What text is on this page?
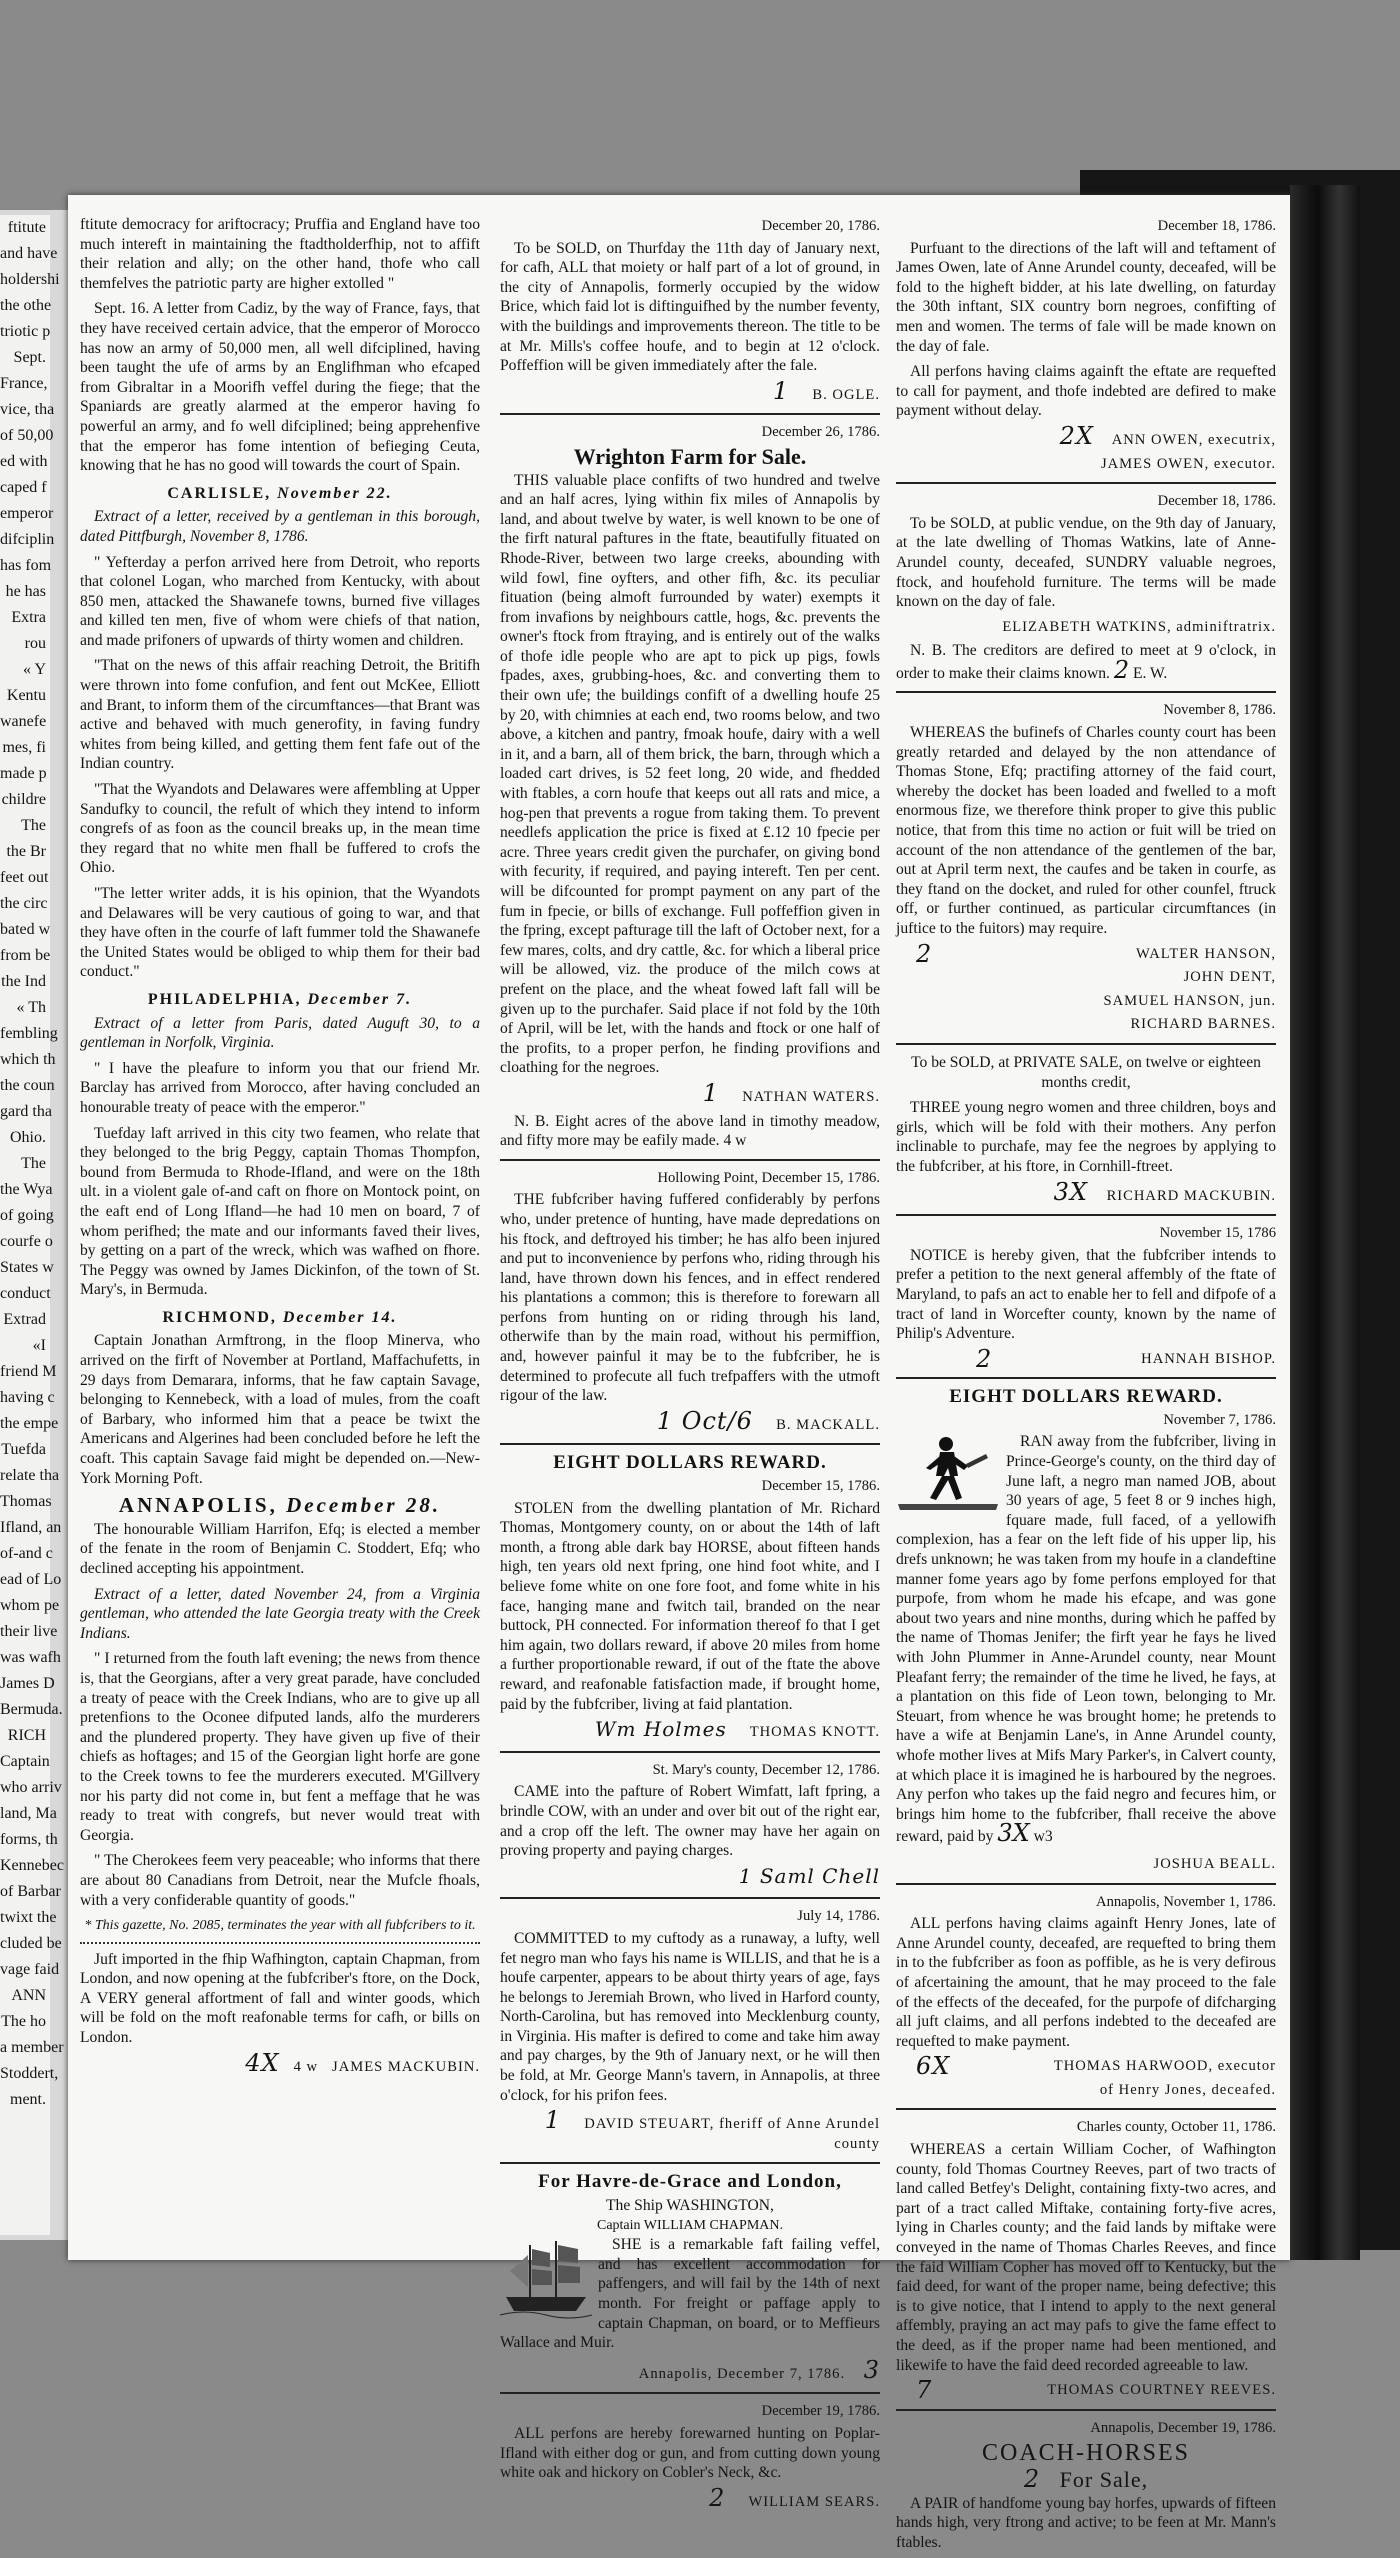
ftitute
and have
holdershi
the othe
triotic p
Sept.
France,
vice, tha
of 50,00
ed with
caped f
emperor
difciplin
has fom
he has
Extra
rou
« Y
Kentu
wanefe
mes, fi
made p
childre
The
the Br
feet out
the circ
bated w
from be
the Ind
« Th
fembling
which th
the coun
gard tha
Ohio.
The
the Wya
of going
courfe o
States w
conduct
Extrad
«I
friend M
having c
the empe
Tuefda
relate tha
Thomas
Ifland, an
of-and c
ead of Lo
whom pe
their live
was wafh
James D
Bermuda.
RICH
Captain
who arriv
land, Ma
forms, th
Kennebec
of Barbar
twixt the
cluded be
vage faid
ANN
The ho
a member
Stoddert,
ment.

ftitute democracy for ariftocracy; Pruffia and England have too much intereft in maintaining the ftadtholderfhip, not to affift their relation and ally; on the other hand, thofe who call themfelves the patriotic party are higher extolled "

Sept. 16. A letter from Cadiz, by the way of France, fays, that they have received certain advice, that the emperor of Morocco has now an army of 50,000 men, all well difciplined, having been taught the ufe of arms by an Englifhman who efcaped from Gibraltar in a Moorifh veffel during the fiege; that the Spaniards are greatly alarmed at the emperor having fo powerful an army, and fo well difciplined; being apprehenfive that the emperor has fome intention of befieging Ceuta, knowing that he has no good will towards the court of Spain.

CARLISLE, November 22.

Extract of a letter, received by a gentleman in this borough, dated Pittfburgh, November 8, 1786.

" Yefterday a perfon arrived here from Detroit, who reports that colonel Logan, who marched from Kentucky, with about 850 men, attacked the Shawanefe towns, burned five villages and killed ten men, five of whom were chiefs of that nation, and made prifoners of upwards of thirty women and children.

"That on the news of this affair reaching Detroit, the Britifh were thrown into fome confufion, and fent out McKee, Elliott and Brant, to inform them of the circumftances—that Brant was active and behaved with much generofity, in faving fundry whites from being killed, and getting them fent fafe out of the Indian country.

"That the Wyandots and Delawares were affembling at Upper Sandufky to council, the refult of which they intend to inform congrefs of as foon as the council breaks up, in the mean time they regard that no white men fhall be fuffered to crofs the Ohio.

"The letter writer adds, it is his opinion, that the Wyandots and Delawares will be very cautious of going to war, and that they have often in the courfe of laft fummer told the Shawanefe the United States would be obliged to whip them for their bad conduct."

PHILADELPHIA, December 7.

Extract of a letter from Paris, dated Auguft 30, to a gentleman in Norfolk, Virginia.

" I have the pleafure to inform you that our friend Mr. Barclay has arrived from Morocco, after having concluded an honourable treaty of peace with the emperor."

Tuefday laft arrived in this city two feamen, who relate that they belonged to the brig Peggy, captain Thomas Thompfon, bound from Bermuda to Rhode-Ifland, and were on the 18th ult. in a violent gale of-and caft on fhore on Montock point, on the eaft end of Long Ifland—he had 10 men on board, 7 of whom perifhed; the mate and our informants faved their lives, by getting on a part of the wreck, which was wafhed on fhore. The Peggy was owned by James Dickinfon, of the town of St. Mary's, in Bermuda.

RICHMOND, December 14.

Captain Jonathan Armftrong, in the floop Minerva, who arrived on the firft of November at Portland, Maffachufetts, in 29 days from Demarara, informs, that he faw captain Savage, belonging to Kennebeck, with a load of mules, from the coaft of Barbary, who informed him that a peace be twixt the Americans and Algerines had been concluded before he left the coaft. This captain Savage faid might be depended on.—New-York Morning Poft.

ANNAPOLIS, December 28.

The honourable William Harrifon, Efq; is elected a member of the fenate in the room of Benjamin C. Stoddert, Efq; who declined accepting his appointment.

Extract of a letter, dated November 24, from a Virginia gentleman, who attended the late Georgia treaty with the Creek Indians.

" I returned from the fouth laft evening; the news from thence is, that the Georgians, after a very great parade, have concluded a treaty of peace with the Creek Indians, who are to give up all pretenfions to the Oconee difputed lands, alfo the murderers and the plundered property. They have given up five of their chiefs as hoftages; and 15 of the Georgian light horfe are gone to the Creek towns to fee the murderers executed. M'Gillvery nor his party did not come in, but fent a meffage that he was ready to treat with congrefs, but never would treat with Georgia.

" The Cherokees feem very peaceable; who informs that there are about 80 Canadians from Detroit, near the Mufcle fhoals, with a very confiderable quantity of goods."

* This gazette, No. 2085, terminates the year with all fubfcribers to it.

Juft imported in the fhip Wafhington, captain Chapman, from London, and now opening at the fubfcriber's ftore, on the Dock, A VERY general affortment of fall and winter goods, which will be fold on the moft reafonable terms for cafh, or bills on London.

4X 4 w JAMES MACKUBIN.
December 20, 1786.

To be SOLD, on Thurfday the 11th day of January next, for cafh, ALL that moiety or half part of a lot of ground, in the city of Annapolis, formerly occupied by the widow Brice, which faid lot is diftinguifhed by the number feventy, with the buildings and improvements thereon. The title to be at Mr. Mills's coffee houfe, and to begin at 12 o'clock. Poffeffion will be given immediately after the fale.

1 B. OGLE.
December 26, 1786.
Wrighton Farm for Sale.

THIS valuable place confifts of two hundred and twelve and an half acres, lying within fix miles of Annapolis by land, and about twelve by water, is well known to be one of the firft natural paftures in the ftate, beautifully fituated on Rhode-River, between two large creeks, abounding with wild fowl, fine oyfters, and other fifh, &c. its peculiar fituation (being almoft furrounded by water) exempts it from invafions by neighbours cattle, hogs, &c. prevents the owner's ftock from ftraying, and is entirely out of the walks of thofe idle people who are apt to pick up pigs, fowls fpades, axes, grubbing-hoes, &c. and converting them to their own ufe; the buildings confift of a dwelling houfe 25 by 20, with chimnies at each end, two rooms below, and two above, a kitchen and pantry, fmoak houfe, dairy with a well in it, and a barn, all of them brick, the barn, through which a loaded cart drives, is 52 feet long, 20 wide, and fhedded with ftables, a corn houfe that keeps out all rats and mice, a hog-pen that prevents a rogue from taking them. To prevent needlefs application the price is fixed at £.12 10 fpecie per acre. Three years credit given the purchafer, on giving bond with fecurity, if required, and paying intereft. Ten per cent. will be difcounted for prompt payment on any part of the fum in fpecie, or bills of exchange. Full poffeffion given in the fpring, except pafturage till the laft of October next, for a few mares, colts, and dry cattle, &c. for which a liberal price will be allowed, viz. the produce of the milch cows at prefent on the place, and the wheat fowed laft fall will be given up to the purchafer. Said place if not fold by the 10th of April, will be let, with the hands and ftock or one half of the profits, to a proper perfon, he finding provifions and cloathing for the negroes.

1 NATHAN WATERS.

N. B. Eight acres of the above land in timothy meadow, and fifty more may be eafily made. 4 w

Hollowing Point, December 15, 1786.

THE fubfcriber having fuffered confiderably by perfons who, under pretence of hunting, have made depredations on his ftock, and deftroyed his timber; he has alfo been injured and put to inconvenience by perfons who, riding through his land, have thrown down his fences, and in effect rendered his plantations a common; this is therefore to forewarn all perfons from hunting on or riding through his land, otherwife than by the main road, without his permiffion, and, however painful it may be to the fubfcriber, he is determined to profecute all fuch trefpaffers with the utmoft rigour of the law.

1 Oct/6 B. MACKALL.
EIGHT DOLLARS REWARD.
December 15, 1786.

STOLEN from the dwelling plantation of Mr. Richard Thomas, Montgomery county, on or about the 14th of laft month, a ftrong able dark bay HORSE, about fifteen hands high, ten years old next fpring, one hind foot white, and I believe fome white on one fore foot, and fome white in his face, hanging mane and fwitch tail, branded on the near buttock, PH connected. For information thereof fo that I get him again, two dollars reward, if above 20 miles from home a further proportionable reward, if out of the ftate the above reward, and reafonable fatisfaction made, if brought home, paid by the fubfcriber, living at faid plantation.

Wm Holmes THOMAS KNOTT.
St. Mary's county, December 12, 1786.

CAME into the pafture of Robert Wimfatt, laft fpring, a brindle COW, with an under and over bit out of the right ear, and a crop off the left. The owner may have her again on proving property and paying charges.

1 Saml Chell
July 14, 1786.

COMMITTED to my cuftody as a runaway, a lufty, well fet negro man who fays his name is WILLIS, and that he is a houfe carpenter, appears to be about thirty years of age, fays he belongs to Jeremiah Brown, who lived in Harford county, North-Carolina, but has removed into Mecklenburg county, in Virginia. His mafter is defired to come and take him away and pay charges, by the 9th of January next, or he will then be fold, at Mr. George Mann's tavern, in Annapolis, at three o'clock, for his prifon fees.

1 DAVID STEUART, fheriff of Anne Arundel county
For Havre-de-Grace and London,
The Ship WASHINGTON,
Captain WILLIAM CHAPMAN.

SHE is a remarkable faft failing veffel, and has excellent accommodation for paffengers, and will fail by the 14th of next month. For freight or paffage apply to captain Chapman, on board, or to Meffieurs Wallace and Muir.

Annapolis, December 7, 1786. 3
December 19, 1786.

ALL perfons are hereby forewarned hunting on Poplar-Ifland with either dog or gun, and from cutting down young white oak and hickory on Cobler's Neck, &c.

2 WILLIAM SEARS.
December 18, 1786.

Purfuant to the directions of the laft will and teftament of James Owen, late of Anne Arundel county, deceafed, will be fold to the higheft bidder, at his late dwelling, on faturday the 30th inftant, SIX country born negroes, confifting of men and women. The terms of fale will be made known on the day of fale.

All perfons having claims againft the eftate are requefted to call for payment, and thofe indebted are defired to make payment without delay.

2X ANN OWEN, executrix,
JAMES OWEN, executor.
December 18, 1786.

To be SOLD, at public vendue, on the 9th day of January, at the late dwelling of Thomas Watkins, late of Anne-Arundel county, deceafed, SUNDRY valuable negroes, ftock, and houfehold furniture. The terms will be made known on the day of fale.

ELIZABETH WATKINS, adminiftratrix.

N. B. The creditors are defired to meet at 9 o'clock, in order to make their claims known. 2 E. W.

November 8, 1786.

WHEREAS the bufinefs of Charles county court has been greatly retarded and delayed by the non attendance of Thomas Stone, Efq; practifing attorney of the faid court, whereby the docket has been loaded and fwelled to a moft enormous fize, we therefore think proper to give this public notice, that from this time no action or fuit will be tried on account of the non attendance of the gentlemen of the bar, out at April term next, the caufes and be taken in courfe, as they ftand on the docket, and ruled for other counfel, ftruck off, or further continued, as particular circumftances (in juftice to the fuitors) may require.

2	WALTER HANSON,
JOHN DENT,
SAMUEL HANSON, jun.
RICHARD BARNES.

To be SOLD, at PRIVATE SALE, on twelve or eighteen months credit,

THREE young negro women and three children, boys and girls, which will be fold with their mothers. Any perfon inclinable to purchafe, may fee the negroes by applying to the fubfcriber, at his ftore, in Cornhill-ftreet.

3X RICHARD MACKUBIN.
November 15, 1786

NOTICE is hereby given, that the fubfcriber intends to prefer a petition to the next general affembly of the ftate of Maryland, to pafs an act to enable her to fell and difpofe of a tract of land in Worcefter county, known by the name of Philip's Adventure.

2	HANNAH BISHOP.
EIGHT DOLLARS REWARD.
November 7, 1786.

RAN away from the fubfcriber, living in Prince-George's county, on the third day of June laft, a negro man named JOB, about 30 years of age, 5 feet 8 or 9 inches high, fquare made, full faced, of a yellowifh complexion, has a fear on the left fide of his upper lip, his drefs unknown; he was taken from my houfe in a clandeftine manner fome years ago by fome perfons employed for that purpofe, from whom he made his efcape, and was gone about two years and nine months, during which he paffed by the name of Thomas Jenifer; the firft year he fays he lived with John Plummer in Anne-Arundel county, near Mount Pleafant ferry; the remainder of the time he lived, he fays, at a plantation on this fide of Leon town, belonging to Mr. Steuart, from whence he was brought home; he pretends to have a wife at Benjamin Lane's, in Anne Arundel county, whofe mother lives at Mifs Mary Parker's, in Calvert county, at which place it is imagined he is harboured by the negroes. Any perfon who takes up the faid negro and fecures him, or brings him home to the fubfcriber, fhall receive the above reward, paid by 3X w3

JOSHUA BEALL.
Annapolis, November 1, 1786.

ALL perfons having claims againft Henry Jones, late of Anne Arundel county, deceafed, are requefted to bring them in to the fubfcriber as foon as poffible, as he is very defirous of afcertaining the amount, that he may proceed to the fale of the effects of the deceafed, for the purpofe of difcharging all juft claims, and all perfons indebted to the deceafed are requefted to make payment.

6X	THOMAS HARWOOD, executor
of Henry Jones, deceafed.
Charles county, October 11, 1786.

WHEREAS a certain William Cocher, of Wafhington county, fold Thomas Courtney Reeves, part of two tracts of land called Betfey's Delight, containing fixty-two acres, and part of a tract called Miftake, containing forty-five acres, lying in Charles county; and the faid lands by miftake were conveyed in the name of Thomas Charles Reeves, and fince the faid William Copher has moved off to Kentucky, but the faid deed, for want of the proper name, being defective; this is to give notice, that I intend to apply to the next general affembly, praying an act may pafs to give the fame effect to the deed, as if the proper name had been mentioned, and likewife to have the faid deed recorded agreeable to law.

7	THOMAS COURTNEY REEVES.
Annapolis, December 19, 1786.
COACH-HORSES
2 For Sale,

A PAIR of handfome young bay horfes, upwards of fifteen hands high, very ftrong and active; to be feen at Mr. Mann's ftables.
